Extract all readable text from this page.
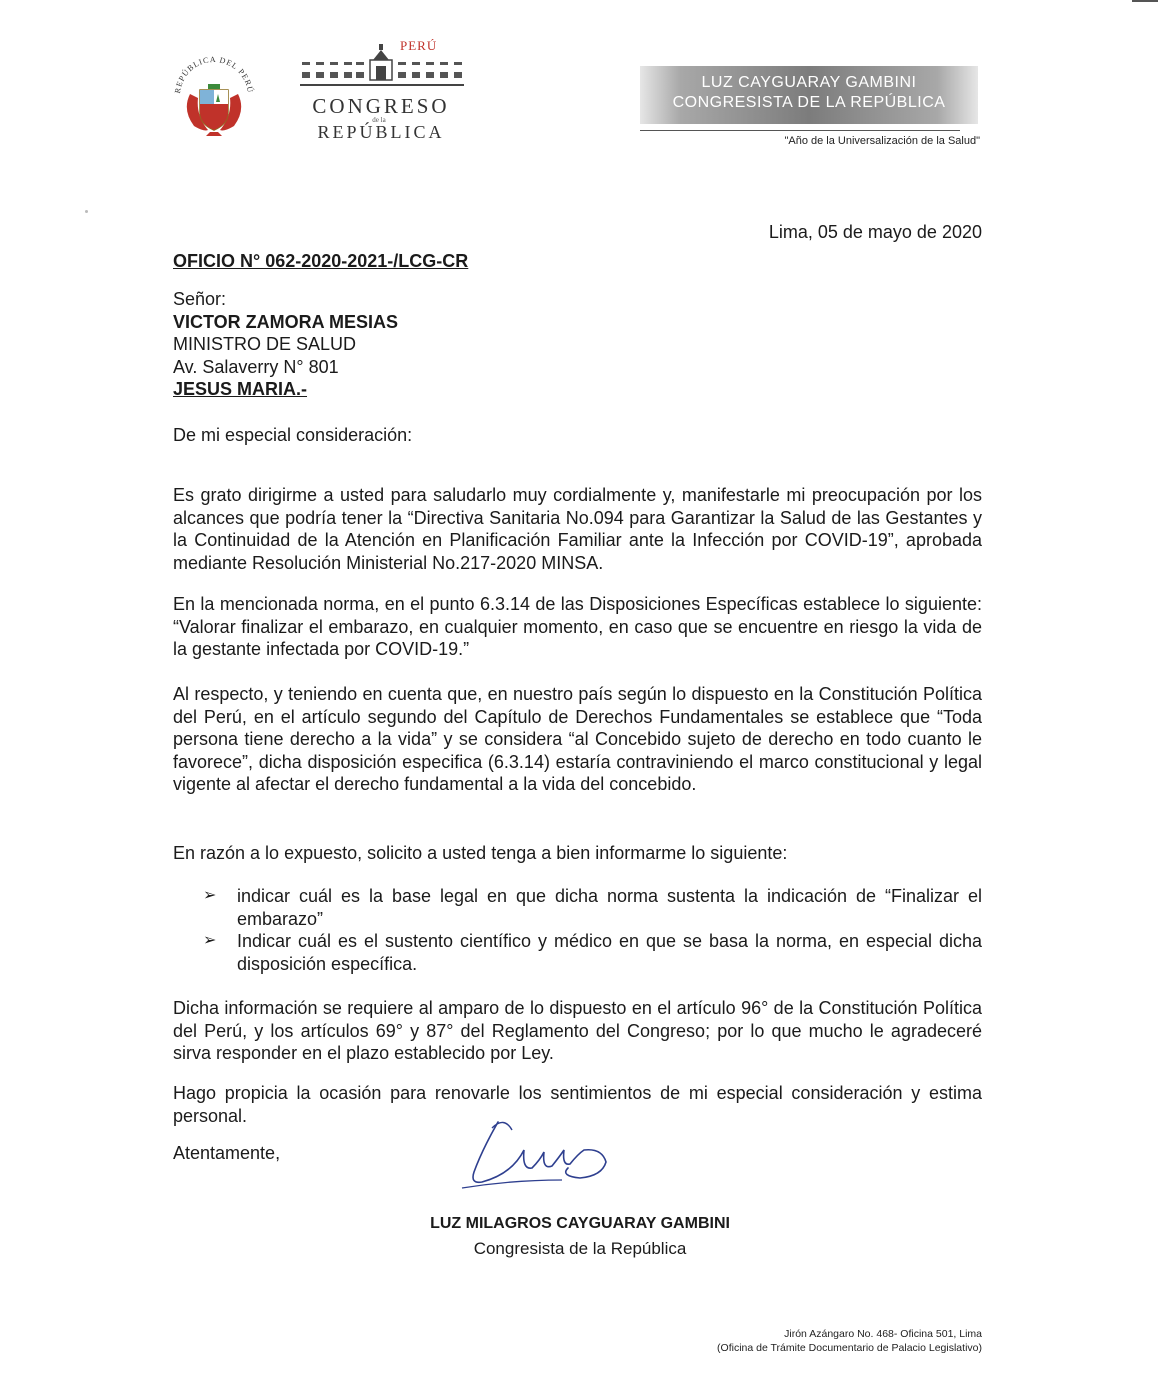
REPÚBLICA DEL PERÚ
PERÚ
CONGRESO
de la
REPÚBLICA
LUZ CAYGUARAY GAMBINI
CONGRESISTA DE LA REPÚBLICA
"Año de la Universalización de la Salud"
Lima, 05 de mayo de 2020
OFICIO N° 062-2020-2021-/LCG-CR
Señor:
VICTOR ZAMORA MESIAS
MINISTRO DE SALUD
Av. Salaverry N° 801
JESUS MARIA.-
De mi especial consideración:
Es grato dirigirme a usted para saludarlo muy cordialmente y, manifestarle mi preocupación por los alcances que podría tener la “Directiva Sanitaria No.094 para Garantizar la Salud de las Gestantes y la Continuidad de la Atención en Planificación Familiar ante la Infección por COVID-19”, aprobada mediante Resolución Ministerial No.217-2020 MINSA.
En la mencionada norma, en el punto 6.3.14 de las Disposiciones Específicas establece lo siguiente: “Valorar finalizar el embarazo, en cualquier momento, en caso que se encuentre en riesgo la vida de la gestante infectada por COVID-19.”
Al respecto, y teniendo en cuenta que, en nuestro país según lo dispuesto en la Constitución Política del Perú, en el artículo segundo del Capítulo de Derechos Fundamentales se establece que “Toda persona tiene derecho a la vida” y se considera “al Concebido sujeto de derecho en todo cuanto le favorece”, dicha disposición especifica (6.3.14) estaría contraviniendo el marco constitucional y legal vigente al afectar el derecho fundamental a la vida del concebido.
En razón a lo expuesto, solicito a usted tenga a bien informarme lo siguiente:
➢ indicar cuál es la base legal en que dicha norma sustenta la indicación de “Finalizar el embarazo”
➢ Indicar cuál es el sustento científico y médico en que se basa la norma, en especial dicha disposición específica.
Dicha información se requiere al amparo de lo dispuesto en el artículo 96° de la Constitución Política del Perú, y los artículos 69° y 87° del Reglamento del Congreso; por lo que mucho le agradeceré sirva responder en el plazo establecido por Ley.
Hago propicia la ocasión para renovarle los sentimientos de mi especial consideración y estima personal.
Atentamente,
LUZ MILAGROS CAYGUARAY GAMBINI
Congresista de la República
Jirón Azángaro No. 468- Oficina 501, Lima
(Oficina de Trámite Documentario de Palacio Legislativo)
